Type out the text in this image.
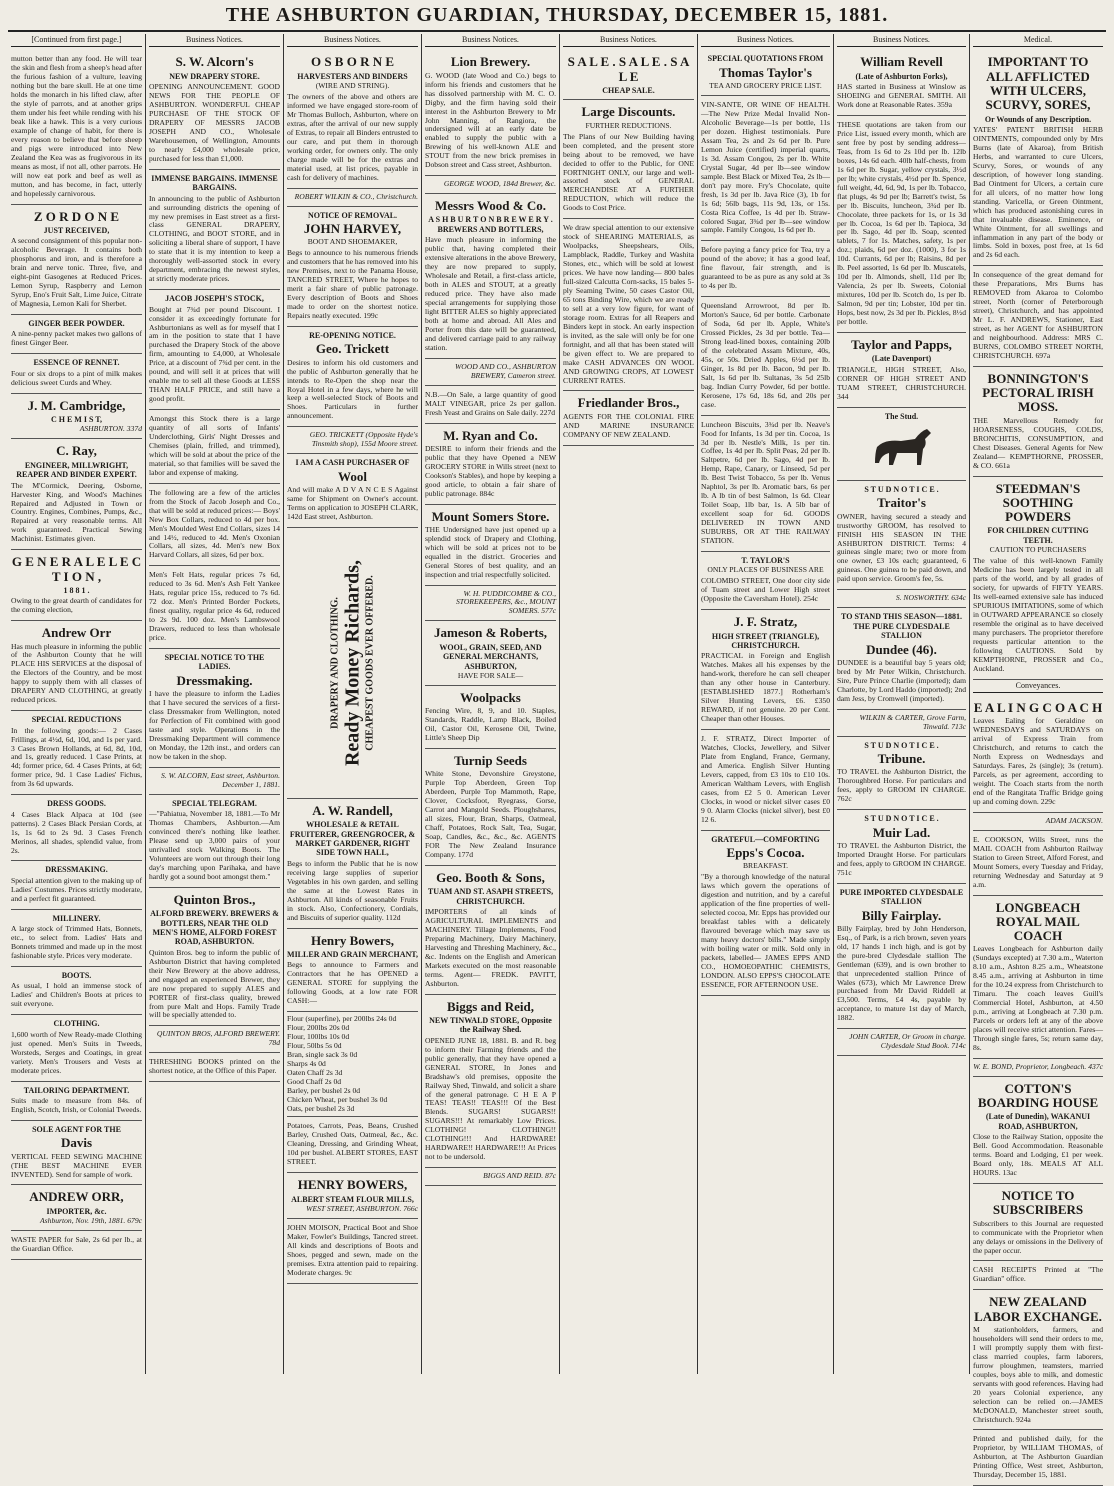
THE ASHBURTON GUARDIAN, THURSDAY, DECEMBER 15, 1881.
[Continued from first page.]
mutton better than any food. He will tear the skin and flesh from a sheep's head after the furious fashion of a vulture, leaving nothing but the bare skull. He at one time holds the monarch in his lifted claw, after the style of parrots, and at another grips them under his feet while rending with his beak like a hawk. This is a very curious example of change of habit, for there is every reason to believe that before sheep and pigs were introduced into New Zealand the Kea was as frugivorous in its means as most, if not all, other parrots. He will now eat pork and beef as well as mutton, and has become, in fact, utterly and hopelessly carnivorous.
Z O R D O N E
JUST RECEIVED,
A second consignment of this popular non-alcoholic Beverage. It contains both phosphorus and iron, and is therefore a brain and nerve tonic. Three, five, and eight-pint Gasogenes at Reduced Prices. Lemon Syrup, Raspberry and Lemon Syrup, Eno's Fruit Salt, Lime Juice, Citrate of Magnesia, Lemon Kali for Sherbet.
GINGER BEER POWDER.
A nine-penny packet makes two gallons of finest Ginger Beer.
ESSENCE OF RENNET.
Four or six drops to a pint of milk makes delicious sweet Curds and Whey.
J. M. Cambridge,
C H E M I S T,
ASHBURTON. 337d
C. Ray,
ENGINEER, MILLWRIGHT, REAPER AND BINDER EXPERT.
The M'Cormick, Deering, Osborne, Harvester King, and Wood's Machines Repaired and Adjusted in Town or Country. Engines, Combines, Pumps, &c., Repaired at very reasonable terms. All work guaranteed. Practical Sewing Machinist. Estimates given.
G E N E R A L E L E C T I O N ,
1 8 8 1 .
Owing to the great dearth of candidates for the coming election,
Andrew Orr
Has much pleasure in informing the public of the Ashburton County that he will PLACE HIS SERVICES at the disposal of the Electors of the Country, and be most happy to supply them with all classes of DRAPERY AND CLOTHING, at greatly reduced prices.
SPECIAL REDUCTIONS
In the following goods:— 2 Cases Frillings, at 4½d, 6d, 10d, and 1s per yard. 3 Cases Brown Hollands, at 6d, 8d, 10d, and 1s, greatly reduced. 1 Case Prints, at 4d; former price, 6d. 4 Cases Prints, at 6d; former price, 9d. 1 Case Ladies' Fichus, from 3s 6d upwards.
DRESS GOODS.
4 Cases Black Alpaca at 10d (see patterns). 2 Cases Black Persian Cords, at 1s, 1s 6d to 2s 9d. 3 Cases French Merinos, all shades, splendid value, from 2s.
DRESSMAKING.
Special attention given to the making up of Ladies' Costumes. Prices strictly moderate, and a perfect fit guaranteed.
MILLINERY.
A large stock of Trimmed Hats, Bonnets, etc., to select from. Ladies' Hats and Bonnets trimmed and made up in the most fashionable style. Prices very moderate.
BOOTS.
As usual, I hold an immense stock of Ladies' and Children's Boots at prices to suit everyone.
CLOTHING.
1,600 worth of New Ready-made Clothing just opened. Men's Suits in Tweeds, Worsteds, Serges and Coatings, in great variety. Men's Trousers and Vests at moderate prices.
TAILORING DEPARTMENT.
Suits made to measure from 84s. of English, Scotch, Irish, or Colonial Tweeds.
SOLE AGENT FOR THE
Davis
VERTICAL FEED SEWING MACHINE (THE BEST MACHINE EVER INVENTED). Send for sample of work.
ANDREW ORR,
IMPORTER, &c.
Ashburton, Nov. 19th, 1881. 679c
WASTE PAPER for Sale, 2s 6d per lb., at the Guardian Office.
Business Notices.
S. W. Alcorn's
NEW DRAPERY STORE.
OPENING ANNOUNCEMENT. GOOD NEWS FOR THE PEOPLE OF ASHBURTON. WONDERFUL CHEAP PURCHASE OF THE STOCK OF DRAPERY OF MESSRS JACOB JOSEPH AND CO., Wholesale Warehousemen, of Wellington, Amounts to nearly £4,000 wholesale price, purchased for less than £1,000.
IMMENSE BARGAINS. IMMENSE BARGAINS.
In announcing to the public of Ashburton and surrounding districts the opening of my new premises in East street as a first-class GENERAL DRAPERY, CLOTHING, and BOOT STORE, and in soliciting a liberal share of support, I have to state that it is my intention to keep a thoroughly well-assorted stock in every department, embracing the newest styles, at strictly moderate prices.
JACOB JOSEPH'S STOCK,
Bought at 7¾d per pound Discount. I consider it as exceedingly fortunate for Ashburtonians as well as for myself that I am in the position to state that I have purchased the Drapery Stock of the above firm, amounting to £4,000, at Wholesale Price, at a discount of 7¾d per cent. in the pound, and will sell it at prices that will enable me to sell all these Goods at LESS THAN HALF PRICE, and still have a good profit.
Amongst this Stock there is a large quantity of all sorts of Infants' Underclothing, Girls' Night Dresses and Chemises (plain, frilled, and trimmed), which will be sold at about the price of the material, so that families will be saved the labor and expense of making.
The following are a few of the articles from the Stock of Jacob Joseph and Co., that will be sold at reduced prices:— Boys' New Box Collars, reduced to 4d per box. Men's Moulded West End Collars, sizes 14 and 14½, reduced to 4d. Men's Oxonian Collars, all sizes, 4d. Men's new Box Harvard Collars, all sizes, 6d per box.
Men's Felt Hats, regular prices 7s 6d, reduced to 3s 6d. Men's Ash Felt Yankee Hats, regular price 15s, reduced to 7s 6d. 72 doz. Men's Printed Border Pockets, finest quality, regular price 4s 6d, reduced to 2s 9d. 100 doz. Men's Lambswool Drawers, reduced to less than wholesale price.
SPECIAL NOTICE TO THE LADIES.
Dressmaking.
I have the pleasure to inform the Ladies that I have secured the services of a first-class Dressmaker from Wellington, noted for Perfection of Fit combined with good taste and style. Operations in the Dressmaking Department will commence on Monday, the 12th inst., and orders can now be taken in the shop.
S. W. ALCORN, East street, Ashburton. December 1, 1881.
SPECIAL TELEGRAM.
—"Pahiatua, November 18, 1881.—To Mr Thomas Chambers, Ashburton.—Am convinced there's nothing like leather. Please send up 3,000 pairs of your unrivalled stock Walking Boots. The Volunteers are worn out through their long day's marching upon Parihaka, and have hardly got a sound boot amongst them."
Quinton Bros.,
ALFORD BREWERY. BREWERS & BOTTLERS, NEAR THE OLD MEN'S HOME, ALFORD FOREST ROAD, ASHBURTON.
Quinton Bros. beg to inform the public of Ashburton District that having completed their New Brewery at the above address, and engaged an experienced Brewer, they are now prepared to supply ALES and PORTER of first-class quality, brewed from pure Malt and Hops. Family Trade will be specially attended to.
QUINTON BROS, ALFORD BREWERY. 78d
THRESHING BOOKS printed on the shortest notice, at the Office of this Paper.
Business Notices.
O S B O R N E
HARVESTERS AND BINDERS
(WIRE AND STRING).
The owners of the above and others are informed we have engaged store-room of Mr Thomas Bulloch, Ashburton, where on extras, after the arrival of our new supply of Extras, to repair all Binders entrusted to our care, and put them in thorough working order, for owners only. The only charge made will be for the extras and material used, at list prices, payable in cash for delivery of machines.
ROBERT WILKIN & CO., Christchurch.
NOTICE OF REMOVAL.
JOHN HARVEY,
BOOT AND SHOEMAKER,
Begs to announce to his numerous friends and customers that he has removed into his new Premises, next to the Panama House, TANCRED STREET, Where he hopes to merit a fair share of public patronage. Every description of Boots and Shoes made to order on the shortest notice. Repairs neatly executed. 199c
RE-OPENING NOTICE.
Geo. Trickett
Desires to inform his old customers and the public of Ashburton generally that he intends to Re-Open the shop near the Royal Hotel in a few days, where he will keep a well-selected Stock of Boots and Shoes. Particulars in further announcement.
GEO. TRICKETT (Opposite Hyde's Tinsmith shop), 155d Moore street.
I AM A CASH PURCHASER OF
Wool
And will make A D V A N C E S Against same for Shipment on Owner's account. Terms on application to JOSEPH CLARK, 142d East street, Ashburton.
DRAPERY AND CLOTHING. Ready Money Richards, CHEAPEST GOODS EVER OFFERED.
A. W. Randell,
WHOLESALE & RETAIL FRUITERER, GREENGROCER, & MARKET GARDENER, RIGHT SIDE TOWN HALL,
Begs to inform the Public that he is now receiving large supplies of superior Vegetables in his own garden, and selling the same at the Lowest Rates in Ashburton. All kinds of seasonable Fruits in stock. Also, Confectionery, Cordials, and Biscuits of superior quality. 112d
Henry Bowers,
MILLER AND GRAIN MERCHANT,
Begs to announce to Farmers and Contractors that he has OPENED a GENERAL STORE for supplying the following Goods, at a low rate FOR CASH:—
Flour (superfine), per 200lbs 24s 0d
Flour, 200lbs 20s 0d
Flour, 100lbs 10s 0d
Flour, 50lbs 5s 0d
Bran, single sack 3s 0d
Sharps 4s 0d
Oaten Chaff 2s 3d
Good Chaff 2s 0d
Barley, per bushel 2s 0d
Chicken Wheat, per bushel 3s 0d
Oats, per bushel 2s 3d
Potatoes, Carrots, Peas, Beans, Crushed Barley, Crushed Oats, Oatmeal, &c., &c. Cleaning, Dressing, and Grinding Wheat, 10d per bushel. ALBERT STORES, EAST STREET.
HENRY BOWERS,
ALBERT STEAM FLOUR MILLS,
WEST STREET, ASHBURTON. 766c
JOHN MOISON, Practical Boot and Shoe Maker, Fowler's Buildings, Tancred street. All kinds and descriptions of Boots and Shoes, pegged and sewn, made on the premises. Extra attention paid to repairing. Moderate charges. 9c
Business Notices.
Lion Brewery.
G. WOOD (late Wood and Co.) begs to inform his friends and customers that he has dissolved partnership with M. C. O. Digby, and the firm having sold their interest in the Ashburton Brewery to Mr John Manning, of Rangiora, the undersigned will at an early date be enabled to supply the public with a Brewing of his well-known ALE and STOUT from the new brick premises in Dobson street and Cass street, Ashburton.
GEORGE WOOD, 184d Brewer, &c.
Messrs Wood & Co.
A S H B U R T O N B R E W E R Y . BREWERS AND BOTTLERS,
Have much pleasure in informing the public that, having completed their extensive alterations in the above Brewery, they are now prepared to supply, Wholesale and Retail, a first-class article, both in ALES and STOUT, at a greatly reduced price. They have also made special arrangements for supplying those light BITTER ALES so highly appreciated both at home and abroad. All Ales and Porter from this date will be guaranteed, and delivered carriage paid to any railway station.
WOOD AND CO., ASHBURTON BREWERY, Cameron street.
N.B.—On Sale, a large quantity of good MALT VINEGAR, price 2s per gallon. Fresh Yeast and Grains on Sale daily. 227d
M. Ryan and Co.
DESIRE to inform their friends and the public that they have Opened a NEW GROCERY STORE in Wills street (next to Cookson's Stables), and hope by keeping a good article, to obtain a fair share of public patronage. 884c
Mount Somers Store.
THE Undersigned have just opened up a splendid stock of Drapery and Clothing, which will be sold at prices not to be equalled in the district. Groceries and General Stores of best quality, and an inspection and trial respectfully solicited.
W. H. PUDDICOMBE & CO., STOREKEEPERS, &c., MOUNT SOMERS. 577c
Jameson & Roberts,
WOOL, GRAIN, SEED, AND GENERAL MERCHANTS, ASHBURTON,
HAVE FOR SALE—
Woolpacks
Fencing Wire, 8, 9, and 10. Staples, Standards, Raddle, Lamp Black, Boiled Oil, Castor Oil, Kerosene Oil, Twine, Little's Sheep Dip
Turnip Seeds
White Stone, Devonshire Greystone, Purple Top Aberdeen, Green Top Aberdeen, Purple Top Mammoth, Rape, Clover, Cocksfoot, Ryegrass, Gorse, Carrot and Mangold Seeds. Ploughshares, all sizes, Flour, Bran, Sharps, Oatmeal, Chaff, Potatoes, Rock Salt, Tea, Sugar, Soap, Candles, &c., &c., &c. AGENTS FOR The New Zealand Insurance Company. 177d
Geo. Booth & Sons,
TUAM AND ST. ASAPH STREETS, CHRISTCHURCH.
IMPORTERS of all kinds of AGRICULTURAL IMPLEMENTS and MACHINERY. Tillage Implements, Food Preparing Machinery, Dairy Machinery, Harvesting and Threshing Machinery, &c., &c. Indents on the English and American Markets executed on the most reasonable terms. Agent— FREDK. PAVITT, Ashburton.
Biggs and Reid,
NEW TINWALD STORE, Opposite the Railway Shed.
OPENED JUNE 18, 1881. B. and R. beg to inform their Farming friends and the public generally, that they have opened a GENERAL STORE, In Jones and Bradshaw's old premises, opposite the Railway Shed, Tinwald, and solicit a share of the general patronage. C H E A P TEAS! TEAS!! TEAS!!! Of the Best Blends. SUGARS! SUGARS!! SUGARS!!! At remarkably Low Prices. CLOTHING! CLOTHING!! CLOTHING!!! And HARDWARE! HARDWARE!! HARDWARE!!! At Prices not to be undersold.
BIGGS AND REID. 87c
Business Notices.
S A L E . S A L E . S A L E
CHEAP SALE.
Large Discounts.
FURTHER REDUCTIONS.
The Plans of our New Building having been completed, and the present store being about to be removed, we have decided to offer to the Public, for ONE FORTNIGHT ONLY, our large and well-assorted stock of GENERAL MERCHANDISE AT A FURTHER REDUCTION, which will reduce the Goods to Cost Price.
We draw special attention to our extensive stock of SHEARING MATERIALS, as Woolpacks, Sheepshears, Oils, Lampblack, Raddle, Turkey and Washita Stones, etc., which will be sold at lowest prices. We have now landing— 800 bales full-sized Calcutta Corn-sacks, 15 bales 5-ply Seaming Twine, 50 cases Castor Oil, 65 tons Binding Wire, which we are ready to sell at a very low figure, for want of storage room. Extras for all Reapers and Binders kept in stock. An early inspection is invited, as the sale will only be for one fortnight, and all that has been stated will be given effect to. We are prepared to make CASH ADVANCES ON WOOL AND GROWING CROPS, AT LOWEST CURRENT RATES.
Friedlander Bros.,
AGENTS FOR THE COLONIAL FIRE AND MARINE INSURANCE COMPANY OF NEW ZEALAND.
Business Notices.
SPECIAL QUOTATIONS FROM
Thomas Taylor's
TEA AND GROCERY PRICE LIST.
VIN-SANTE, OR WINE OF HEALTH.—The New Prize Medal Invalid Non-Alcoholic Beverage—1s per bottle, 11s per dozen. Highest testimonials. Pure Assam Tea, 2s and 2s 6d per lb. Pure Lemon Juice (certified) imperial quarts, 1s 3d. Assam Congou, 2s per lb. White Crystal Sugar, 4d per lb—see window sample. Best Black or Mixed Tea, 2s lb—don't pay more. Fry's Chocolate, quite fresh, 1s 3d per lb. Java Rice (3), 1b for 1s 6d; 56lb bags, 11s 9d, 13s, or 15s. Costa Rica Coffee, 1s 4d per lb. Straw-colored Sugar, 3¾d per lb—see window sample. Family Congou, 1s 6d per lb.
Before paying a fancy price for Tea, try a pound of the above; it has a good leaf, fine flavour, fair strength, and is guaranteed to be as pure as any sold at 3s to 4s per lb.
Queensland Arrowroot, 8d per lb. Morton's Sauce, 6d per bottle. Carbonate of Soda, 6d per lb. Apple, White's Crossed Pickles, 2s 3d per bottle. Tea—Strong lead-lined boxes, containing 20lb of the celebrated Assam Mixture, 40s, 45s, or 50s. Dried Apples, 6½d per lb. Ginger, 1s 8d per lb. Bacon, 9d per lb. Salt, 1s 6d per lb. Sultanas, 3s 5d 25lb bag. Indian Curry Powder, 6d per bottle. Kerosene, 17s 6d, 18s 6d, and 20s per case.
Luncheon Biscuits, 3¾d per lb. Neave's Food for Infants, 1s 3d per tin. Cocoa, 1s 3d per lb. Nestle's Milk, 1s per tin. Coffee, 1s 4d per lb. Split Peas, 2d per lb. Saltpetre, 6d per lb. Sago, 4d per lb. Hemp, Rape, Canary, or Linseed, 5d per lb. Best Twist Tobacco, 5s per lb. Venus Naphtol, 3s per lb. Aromatic bars, 6s per lb. A lb tin of best Salmon, 1s 6d. Clear Toilet Soap, 1lb bar, 1s. A 5lb bar of excellent soap for 6d. GOODS DELIVERED IN TOWN AND SUBURBS, OR AT THE RAILWAY STATION.
T. TAYLOR'S
ONLY PLACES OF BUSINESS ARE
COLOMBO STREET, One door city side of Tuam street and Lower High street (Opposite the Caversham Hotel). 254c
J. F. Stratz,
HIGH STREET (TRIANGLE), CHRISTCHURCH.
PRACTICAL in Foreign and English Watches. Makes all his expenses by the hand-work, therefore he can sell cheaper than any other house in Canterbury. [ESTABLISHED 1877.] Rotherham's Silver Hunting Levers, £6. £350 REWARD, if not genuine. 20 per Cent. Cheaper than other Houses.
J. F. STRATZ, Direct Importer of Watches, Clocks, Jewellery, and Silver Plate from England, France, Germany, and America. English Silver Hunting Levers, capped, from £3 10s to £10 10s. American Waltham Levers, with English cases, from £2 5 0. American Lever Clocks, in wood or nickel silver cases £0 9 0. Alarm Clocks (nickel silver), best £0 12 6.
GRATEFUL—COMFORTING
Epps's Cocoa.
BREAKFAST.
"By a thorough knowledge of the natural laws which govern the operations of digestion and nutrition, and by a careful application of the fine properties of well-selected cocoa, Mr. Epps has provided our breakfast tables with a delicately flavoured beverage which may save us many heavy doctors' bills." Made simply with boiling water or milk. Sold only in packets, labelled— JAMES EPPS AND CO., HOMOEOPATHIC CHEMISTS, LONDON. ALSO EPPS'S CHOCOLATE ESSENCE, FOR AFTERNOON USE.
Business Notices.
William Revell
(Late of Ashburton Forks),
HAS started in Business at Winslow as SHOEING and GENERAL SMITH. All Work done at Reasonable Rates. 359a
THESE quotations are taken from our Price List, issued every month, which are sent free by post by sending address— Teas, from 1s 6d to 2s 10d per lb. 12lb boxes, 14s 6d each. 40lb half-chests, from 1s 6d per lb. Sugar, yellow crystals, 3½d per lb; white crystals, 4½d per lb. Spence, full weight, 4d, 6d, 9d, 1s per lb. Tobacco, flat plugs, 4s 9d per lb; Barrett's twist, 5s per lb. Biscuits, luncheon, 3¾d per lb. Chocolate, three packets for 1s, or 1s 3d per lb. Cocoa, 1s 6d per lb. Tapioca, 3d per lb. Sago, 4d per lb. Soap, scented tablets, 7 for 1s. Matches, safety, 1s per doz.; plaids, 6d per doz. (1000), 3 for 1s 10d. Currants, 6d per lb; Raisins, 8d per lb. Peel assorted, 1s 6d per lb. Muscatels, 10d per lb. Almonds, shell, 11d per lb; Valencia, 2s per lb. Sweets, Colonial mixtures, 10d per lb. Scotch do, 1s per lb. Salmon, 9d per tin; Lobster, 10d per tin. Hops, best now, 2s 3d per lb. Pickles, 8½d per bottle.
Taylor and Papps,
(Late Davenport)
TRIANGLE, HIGH STREET, Also, CORNER OF HIGH STREET AND TUAM STREET, CHRISTCHURCH. 344
The Stud.
S T U D N O T I C E .
Traitor's
OWNER, having secured a steady and trustworthy GROOM, has resolved to FINISH HIS SEASON IN THE ASHBURTON DISTRICT. Terms: 4 guineas single mare; two or more from one owner, £3 10s each; guaranteed, 6 guineas. One guinea to be paid down, and paid upon service. Groom's fee, 5s.
S. NOSWORTHY. 634c
TO STAND THIS SEASON—1881. THE PURE CLYDESDALE STALLION
Dundee (46).
DUNDEE is a beautiful bay 5 years old; bred by Mr Peter Wilkin, Christchurch. Sire, Pure Prince Charlie (imported); dam Charlotte, by Lord Haddo (imported); 2nd dam Jess, by Cromwell (imported).
WILKIN & CARTER, Grove Farm, Tinwald. 713c
S T U D N O T I C E .
Tribune.
TO TRAVEL the Ashburton District, the Thoroughbred Horse. For particulars and fees, apply to GROOM IN CHARGE. 762c
S T U D N O T I C E .
Muir Lad.
TO TRAVEL the Ashburton District, the Imported Draught Horse. For particulars and fees, apply to GROOM IN CHARGE. 751c
PURE IMPORTED CLYDESDALE STALLION
Billy Fairplay.
Billy Fairplay, bred by John Henderson, Esq., of Park, is a rich brown, seven years old, 17 hands 1 inch high, and is got by the pure-bred Clydesdale stallion The Gentleman (639), and is own brother to that unprecedented stallion Prince of Wales (673), which Mr Lawrence Drew purchased from Mr David Riddell at £3,500. Terms, £4 4s, payable by acceptance, to mature 1st day of March, 1882.
JOHN CARTER, Or Groom in charge. Clydesdale Stud Book. 714c
Medical.
IMPORTANT TO ALL AFFLICTED WITH ULCERS, SCURVY, SORES,
Or Wounds of any Description.
YATES' PATENT BRITISH HERB OINTMENTS, compounded only by Mrs Burns (late of Akaroa), from British Herbs, and warranted to cure Ulcers, Scurvy, Sores, or wounds of any description, of however long standing. Bad Ointment for Ulcers, a certain cure for all ulcers, of no matter how long standing. Varicella, or Green Ointment, which has produced astonishing cures in that invaluable disease. Eminence, or White Ointment, for all swellings and inflammation in any part of the body or limbs. Sold in boxes, post free, at 1s 6d and 2s 6d each.
In consequence of the great demand for these Preparations, Mrs Burns has REMOVED from Akaroa to Colombo street, North (corner of Peterborough street), Christchurch, and has appointed Mr L. F. ANDREWS, Stationer, East street, as her AGENT for ASHBURTON and neighbourhood. Address: MRS C. BURNS, COLOMBO STREET NORTH, CHRISTCHURCH. 697a
BONNINGTON'S PECTORAL IRISH MOSS.
THE Marvellous Remedy for HOARSENESS, COUGHS, COLDS, BRONCHITIS, CONSUMPTION, and Chest Diseases. General Agents for New Zealand— KEMPTHORNE, PROSSER, & CO. 661a
STEEDMAN'S SOOTHING POWDERS
FOR CHILDREN CUTTING TEETH.
CAUTION TO PURCHASERS
The value of this well-known Family Medicine has been largely tested in all parts of the world, and by all grades of society, for upwards of FIFTY YEARS. Its well-earned extensive sale has induced SPURIOUS IMITATIONS, some of which in OUTWARD APPEARANCE so closely resemble the original as to have deceived many purchasers. The proprietor therefore requests particular attention to the following CAUTIONS. Sold by KEMPTHORNE, PROSSER and Co., Auckland.
Conveyances.
E A L I N G C O A C H
Leaves Ealing for Geraldine on WEDNESDAYS and SATURDAYS on arrival of Express Train from Christchurch, and returns to catch the North Express on Wednesdays and Saturdays. Fares, 2s (single); 3s (return). Parcels, as per agreement, according to weight. The Coach starts from the north end of the Rangitata Traffic Bridge going up and coming down. 229c
ADAM JACKSON.
E. COOKSON, Wills Street, runs the MAIL COACH from Ashburton Railway Station to Green Street, Alford Forest, and Mount Somers, every Tuesday and Friday, returning Wednesday and Saturday at 9 a.m.
LONGBEACH ROYAL MAIL COACH
Leaves Longbeach for Ashburton daily (Sundays excepted) at 7.30 a.m., Waterton 8.10 a.m., Ashton 8.25 a.m., Wheatstone 8.45 a.m., arriving at Ashburton in time for the 10.24 express from Christchurch to Timaru. The coach leaves Guill's Commercial Hotel, Ashburton, at 4.50 p.m., arriving at Longbeach at 7.30 p.m. Parcels or orders left at any of the above places will receive strict attention. Fares—Through single fares, 5s; return same day, 8s.
W. E. BOND, Proprietor, Longbeach. 437c
COTTON'S BOARDING HOUSE
(Late of Dunedin), WAKANUI ROAD, ASHBURTON,
Close to the Railway Station, opposite the Bell. Good Accommodation. Reasonable terms. Board and Lodging, £1 per week. Board only, 18s. MEALS AT ALL HOURS. 13ac
NOTICE TO SUBSCRIBERS
Subscribers to this Journal are requested to communicate with the Proprietor when any delays or omissions in the Delivery of the paper occur.
CASH RECEIPTS Printed at "The Guardian" office.
NEW ZEALAND LABOR EXCHANGE.
M stationholders, farmers, and householders will send their orders to me, I will promptly supply them with first-class married couples, farm laborers, furrow ploughmen, teamsters, married couples, boys able to milk, and domestic servants with good references. Having had 20 years Colonial experience, any selection can be relied on.—JAMES McDONALD, Manchester street south, Christchurch. 924a
Printed and published daily, for the Proprietor, by WILLIAM THOMAS, of Ashburton, at The Ashburton Guardian Printing Office, West street, Ashburton, Thursday, December 15, 1881.
